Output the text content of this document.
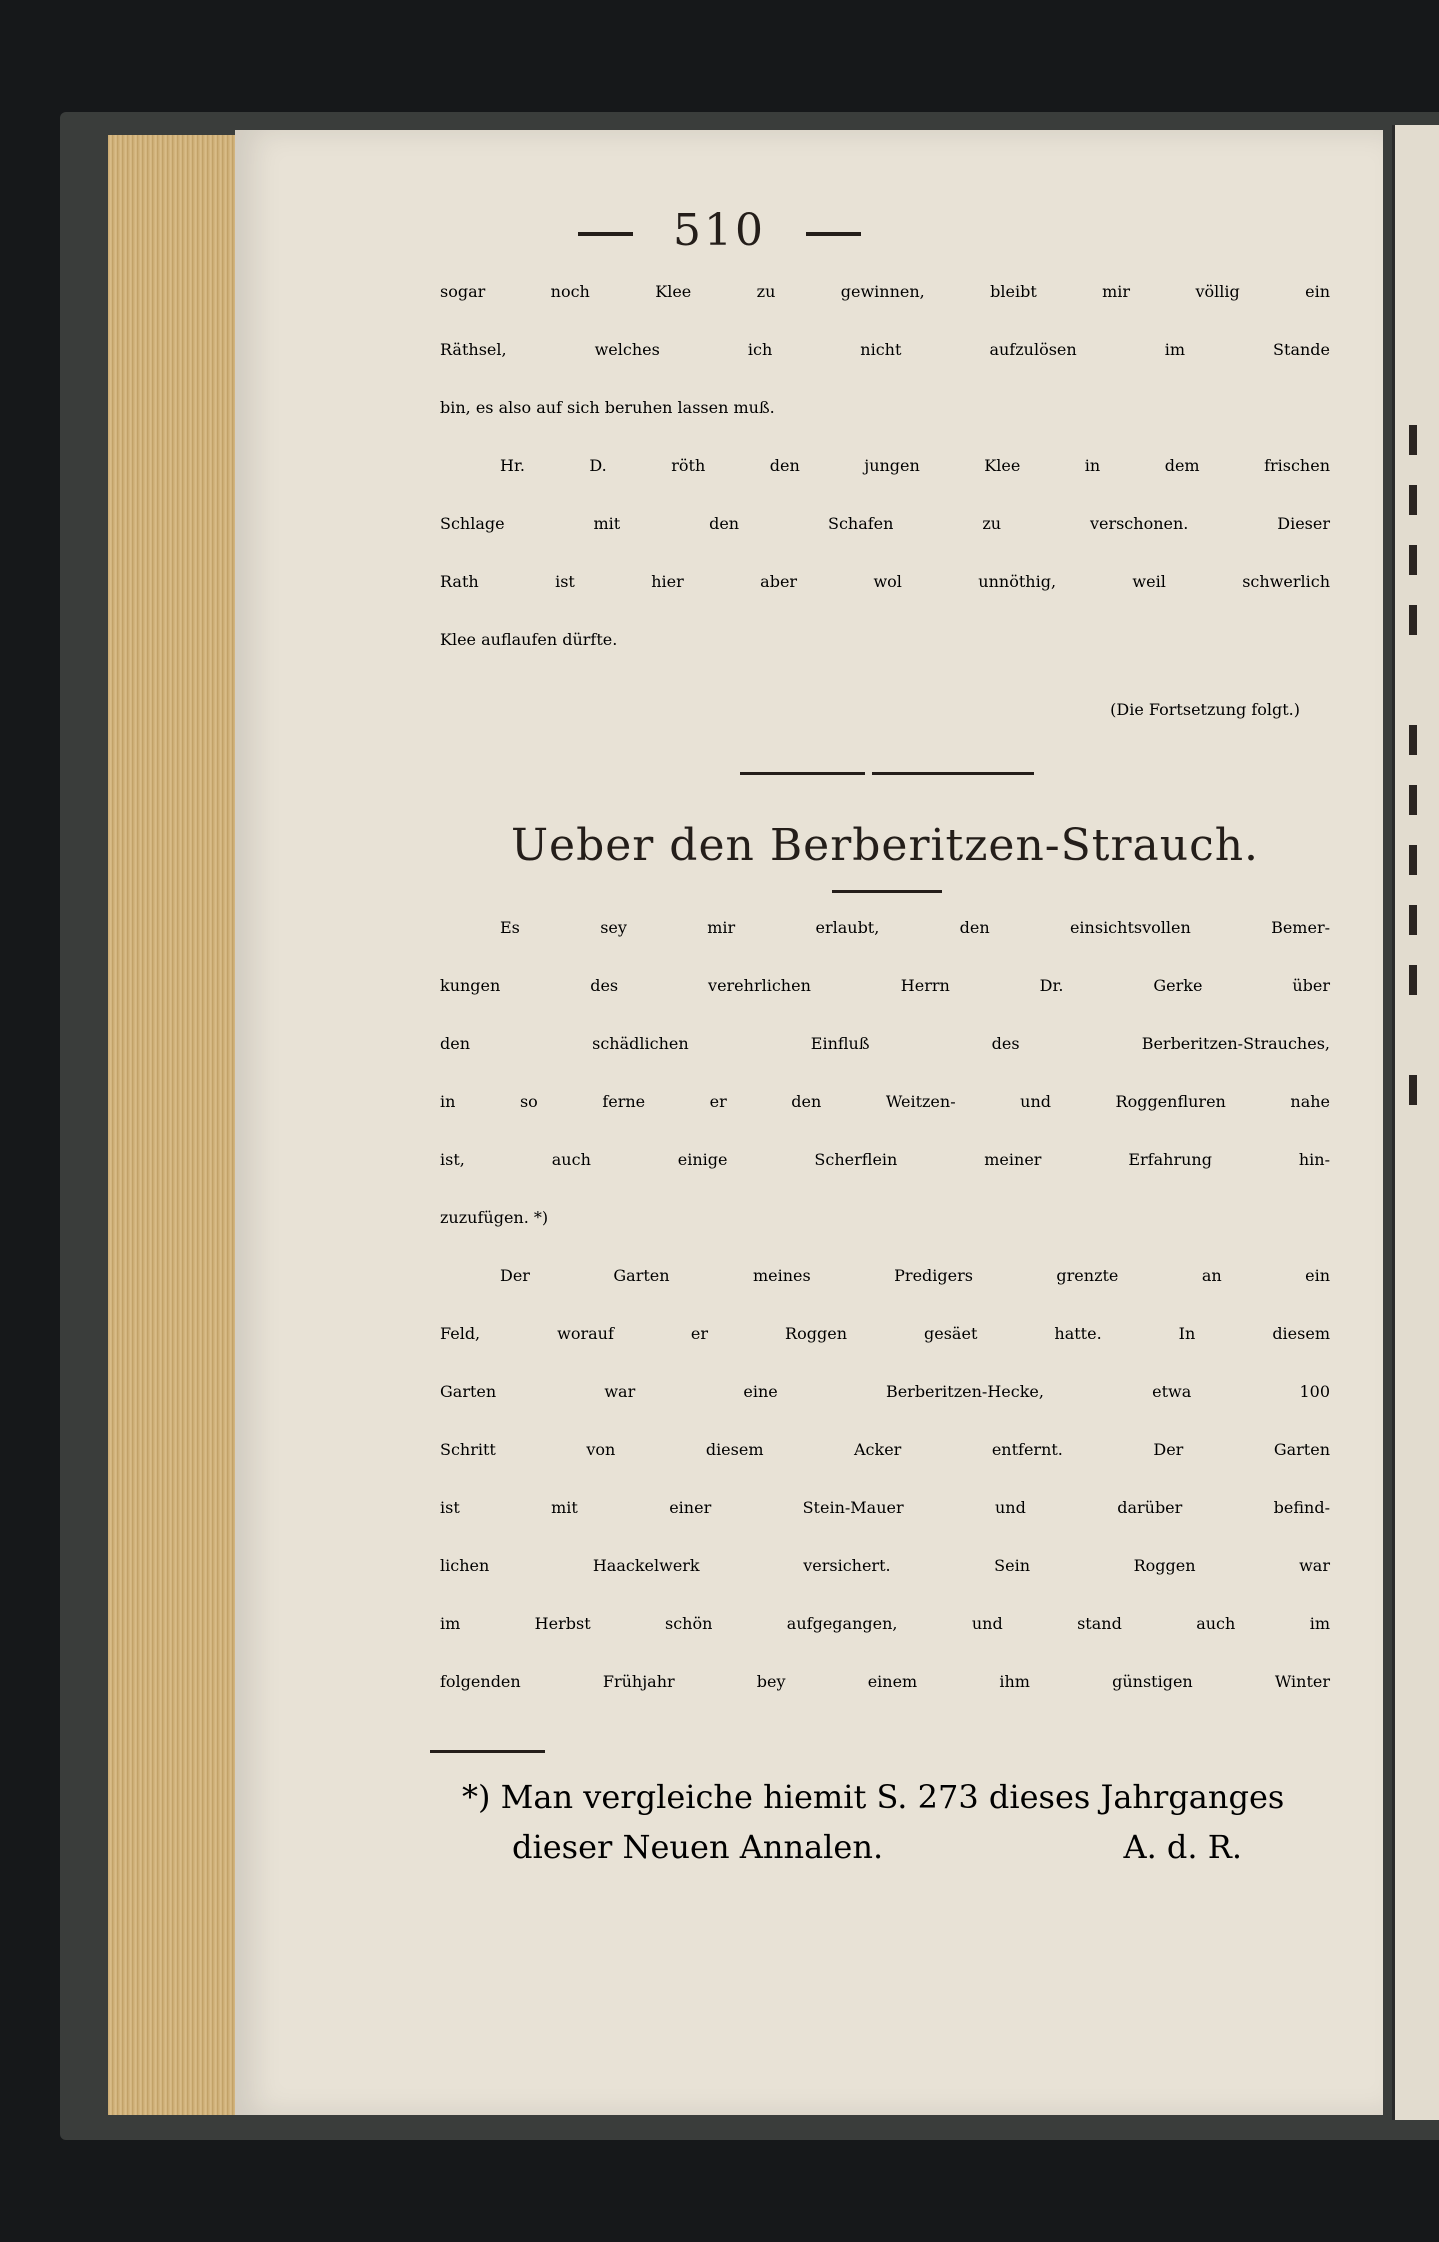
510
sogar noch Klee zu gewinnen, bleibt mir völlig ein
Räthsel, welches ich nicht aufzulösen im Stande
bin, es also auf sich beruhen lassen muß.
Hr. D. röth den jungen Klee in dem frischen
Schlage mit den Schafen zu verschonen. Dieser
Rath ist hier aber wol unnöthig, weil schwerlich
Klee auflaufen dürfte.
(Die Fortsetzung folgt.)
Ueber den Berberitzen-Strauch.
Es sey mir erlaubt, den einsichtsvollen Bemer-
kungen des verehrlichen Herrn Dr. Gerke über
den schädlichen Einfluß des Berberitzen-Strauches,
in so ferne er den Weitzen- und Roggenfluren nahe
ist, auch einige Scherflein meiner Erfahrung hin-
zuzufügen. *)
Der Garten meines Predigers grenzte an ein
Feld, worauf er Roggen gesäet hatte. In diesem
Garten war eine Berberitzen-Hecke, etwa 100
Schritt von diesem Acker entfernt. Der Garten
ist mit einer Stein-Mauer und darüber befind-
lichen Haackelwerk versichert. Sein Roggen war
im Herbst schön aufgegangen, und stand auch im
folgenden Frühjahr bey einem ihm günstigen Winter
*) Man vergleiche hiemit S. 273 dieses Jahrganges
dieser Neuen Annalen.	A. d. R.
